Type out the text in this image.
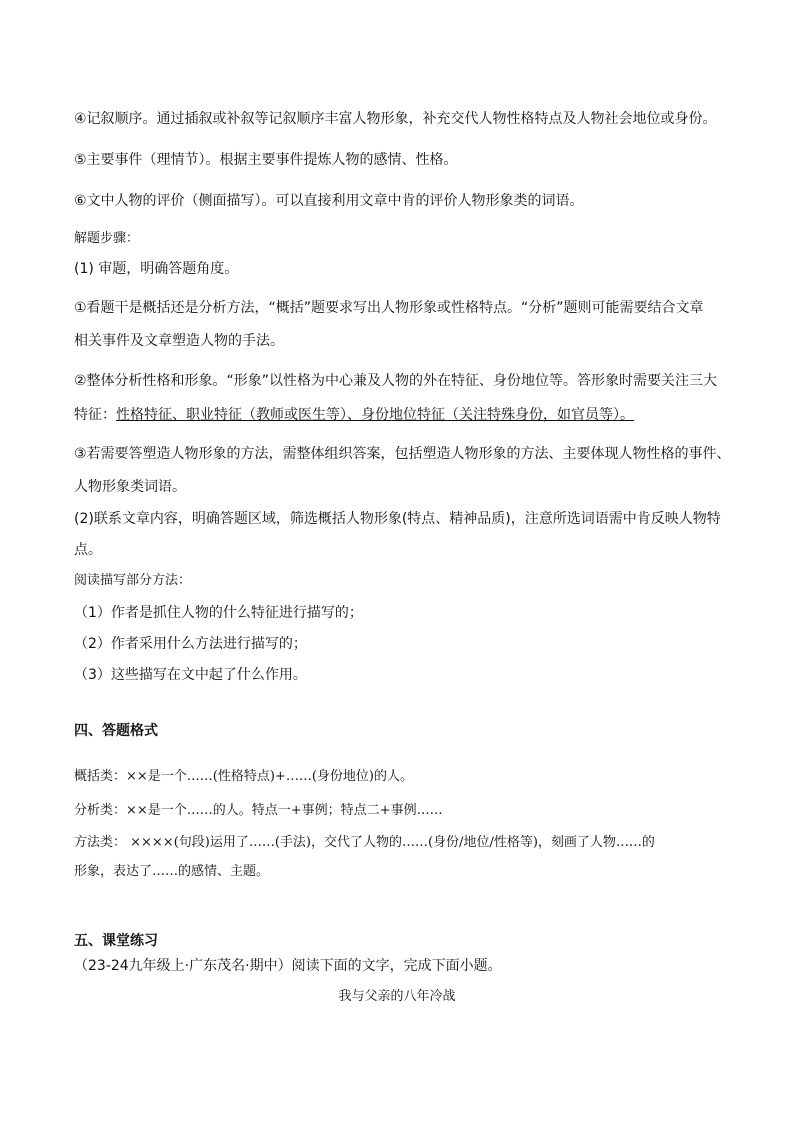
④记叙顺序。通过插叙或补叙等记叙顺序丰富人物形象，补充交代人物性格特点及人物社会地位或身份。
⑤主要事件（理情节）。根据主要事件提炼人物的感情、性格。
⑥文中人物的评价（侧面描写）。可以直接利用文章中肯的评价人物形象类的词语。
解题步骤：
(1) 审题，明确答题角度。
①看题干是概括还是分析方法，“概括”题要求写出人物形象或性格特点。“分析”题则可能需要结合文章
相关事件及文章塑造人物的手法。
②整体分析性格和形象。“形象”以性格为中心兼及人物的外在特征、身份地位等。答形象时需要关注三大
特征：性格特征、职业特征（教师或医生等）、身份地位特征（关注特殊身份，如官员等）。
③若需要答塑造人物形象的方法，需整体组织答案，包括塑造人物形象的方法、主要体现人物性格的事件、
人物形象类词语。
(2)联系文章内容，明确答题区域，筛选概括人物形象(特点、精神品质)，注意所选词语需中肯反映人物特
点。
阅读描写部分方法：
（1）作者是抓住人物的什么特征进行描写的；
（2）作者采用什么方法进行描写的；
（3）这些描写在文中起了什么作用。
四、答题格式
概括类：××是一个……(性格特点)+……(身份地位)的人。
分析类：××是一个……的人。特点一+事例；特点二+事例……
方法类： ××××(句段)运用了……(手法)，交代了人物的……(身份/地位/性格等)，刻画了人物……的
形象，表达了……的感情、主题。
五、课堂练习
（23-24九年级上·广东茂名·期中）阅读下面的文字，完成下面小题。
我与父亲的八年冷战
